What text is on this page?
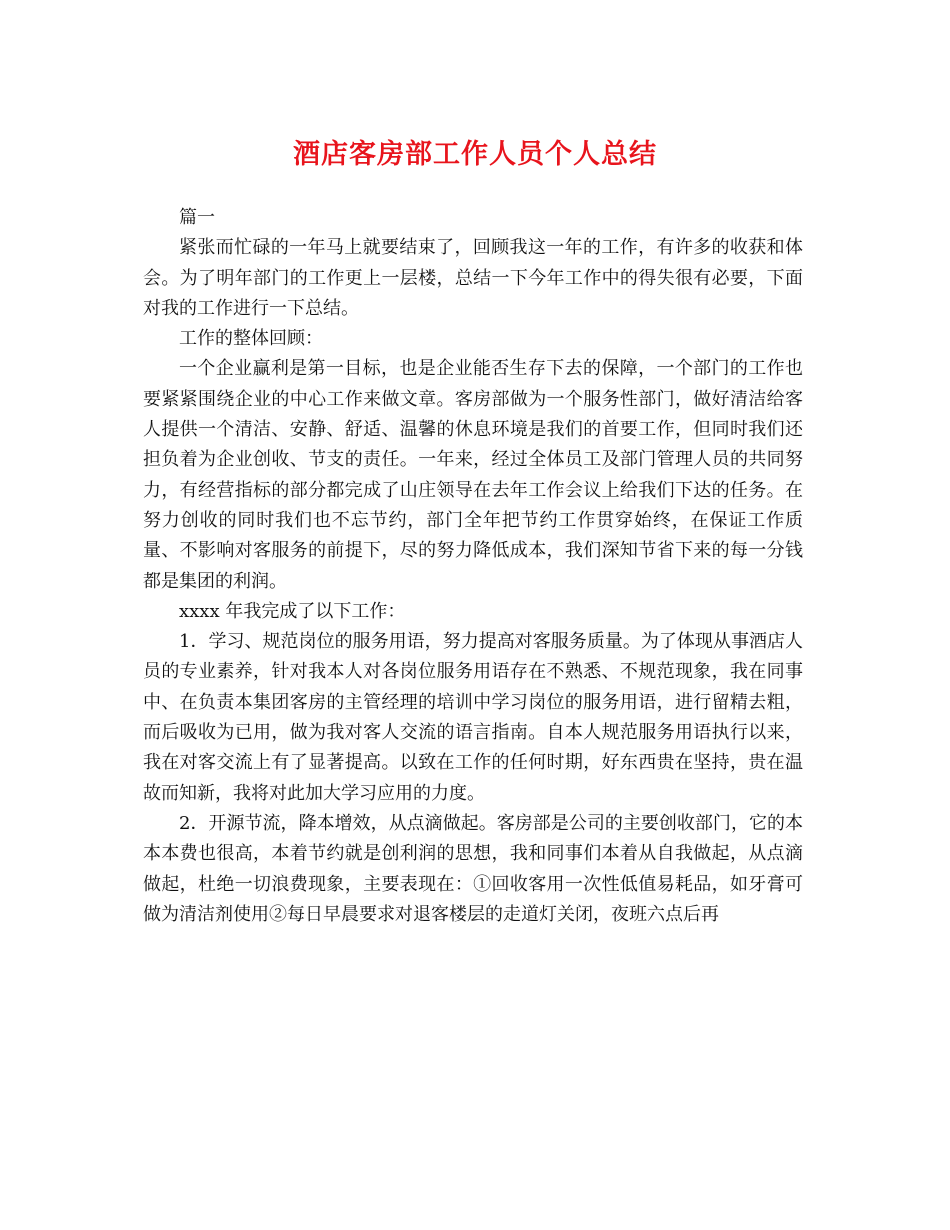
酒店客房部工作人员个人总结

篇一

紧张而忙碌的一年马上就要结束了，回顾我这一年的工作，有许多的收获和体会。为了明年部门的工作更上一层楼，总结一下今年工作中的得失很有必要，下面对我的工作进行一下总结。

工作的整体回顾：

一个企业赢利是第一目标，也是企业能否生存下去的保障，一个部门的工作也要紧紧围绕企业的中心工作来做文章。客房部做为一个服务性部门，做好清洁给客人提供一个清洁、安静、舒适、温馨的休息环境是我们的首要工作，但同时我们还担负着为企业创收、节支的责任。一年来，经过全体员工及部门管理人员的共同努力，有经营指标的部分都完成了山庄领导在去年工作会议上给我们下达的任务。在努力创收的同时我们也不忘节约，部门全年把节约工作贯穿始终，在保证工作质量、不影响对客服务的前提下，尽的努力降低成本，我们深知节省下来的每一分钱都是集团的利润。

xxxx 年我完成了以下工作：

1．学习、规范岗位的服务用语，努力提高对客服务质量。为了体现从事酒店人员的专业素养，针对我本人对各岗位服务用语存在不熟悉、不规范现象，我在同事中、在负责本集团客房的主管经理的培训中学习岗位的服务用语，进行留精去粗，而后吸收为已用，做为我对客人交流的语言指南。自本人规范服务用语执行以来，我在对客交流上有了显著提高。以致在工作的任何时期，好东西贵在坚持，贵在温故而知新，我将对此加大学习应用的力度。

2．开源节流，降本增效，从点滴做起。客房部是公司的主要创收部门，它的本本本费也很高，本着节约就是创利润的思想，我和同事们本着从自我做起，从点滴做起，杜绝一切浪费现象，主要表现在：①回收客用一次性低值易耗品，如牙膏可做为清洁剂使用②每日早晨要求对退客楼层的走道灯关闭，夜班六点后再
